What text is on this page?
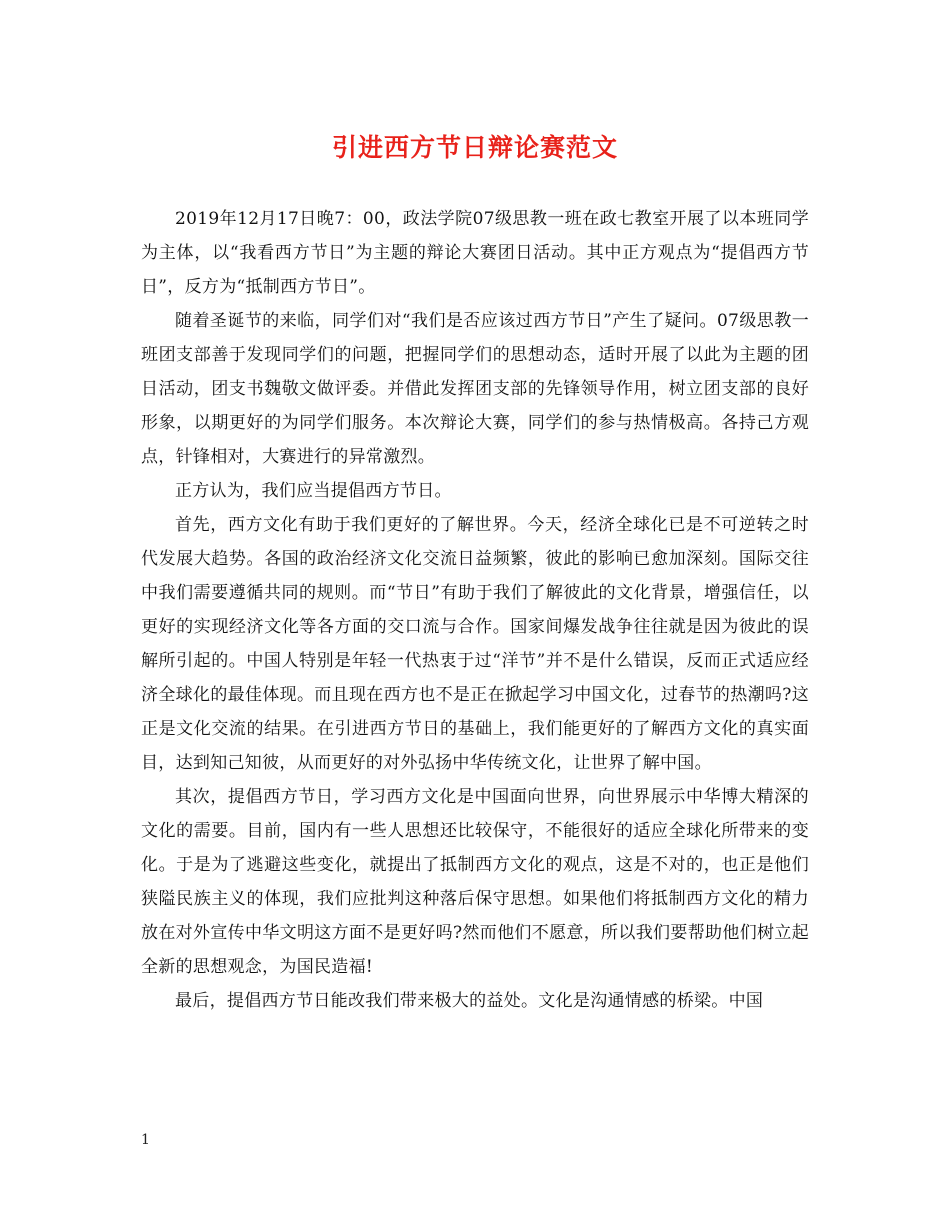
引进西方节日辩论赛范文

2019年12月17日晚7：00，政法学院07级思教一班在政七教室开展了以本班同学为主体，以“我看西方节日”为主题的辩论大赛团日活动。其中正方观点为“提倡西方节日”，反方为“抵制西方节日”。

随着圣诞节的来临，同学们对“我们是否应该过西方节日”产生了疑问。07级思教一班团支部善于发现同学们的问题，把握同学们的思想动态，适时开展了以此为主题的团日活动，团支书魏敬文做评委。并借此发挥团支部的先锋领导作用，树立团支部的良好形象，以期更好的为同学们服务。本次辩论大赛，同学们的参与热情极高。各持己方观点，针锋相对，大赛进行的异常激烈。

正方认为，我们应当提倡西方节日。

首先，西方文化有助于我们更好的了解世界。今天，经济全球化已是不可逆转之时代发展大趋势。各国的政治经济文化交流日益频繁，彼此的影响已愈加深刻。国际交往中我们需要遵循共同的规则。而“节日”有助于我们了解彼此的文化背景，增强信任，以更好的实现经济文化等各方面的交口流与合作。国家间爆发战争往往就是因为彼此的误解所引起的。中国人特别是年轻一代热衷于过“洋节”并不是什么错误，反而正式适应经济全球化的最佳体现。而且现在西方也不是正在掀起学习中国文化，过春节的热潮吗?这正是文化交流的结果。在引进西方节日的基础上，我们能更好的了解西方文化的真实面目，达到知己知彼，从而更好的对外弘扬中华传统文化，让世界了解中国。

其次，提倡西方节日，学习西方文化是中国面向世界，向世界展示中华博大精深的文化的需要。目前，国内有一些人思想还比较保守，不能很好的适应全球化所带来的变化。于是为了逃避这些变化，就提出了抵制西方文化的观点，这是不对的，也正是他们狭隘民族主义的体现，我们应批判这种落后保守思想。如果他们将抵制西方文化的精力放在对外宣传中华文明这方面不是更好吗?然而他们不愿意，所以我们要帮助他们树立起全新的思想观念，为国民造福!

最后，提倡西方节日能改我们带来极大的益处。文化是沟通情感的桥梁。中国

1
